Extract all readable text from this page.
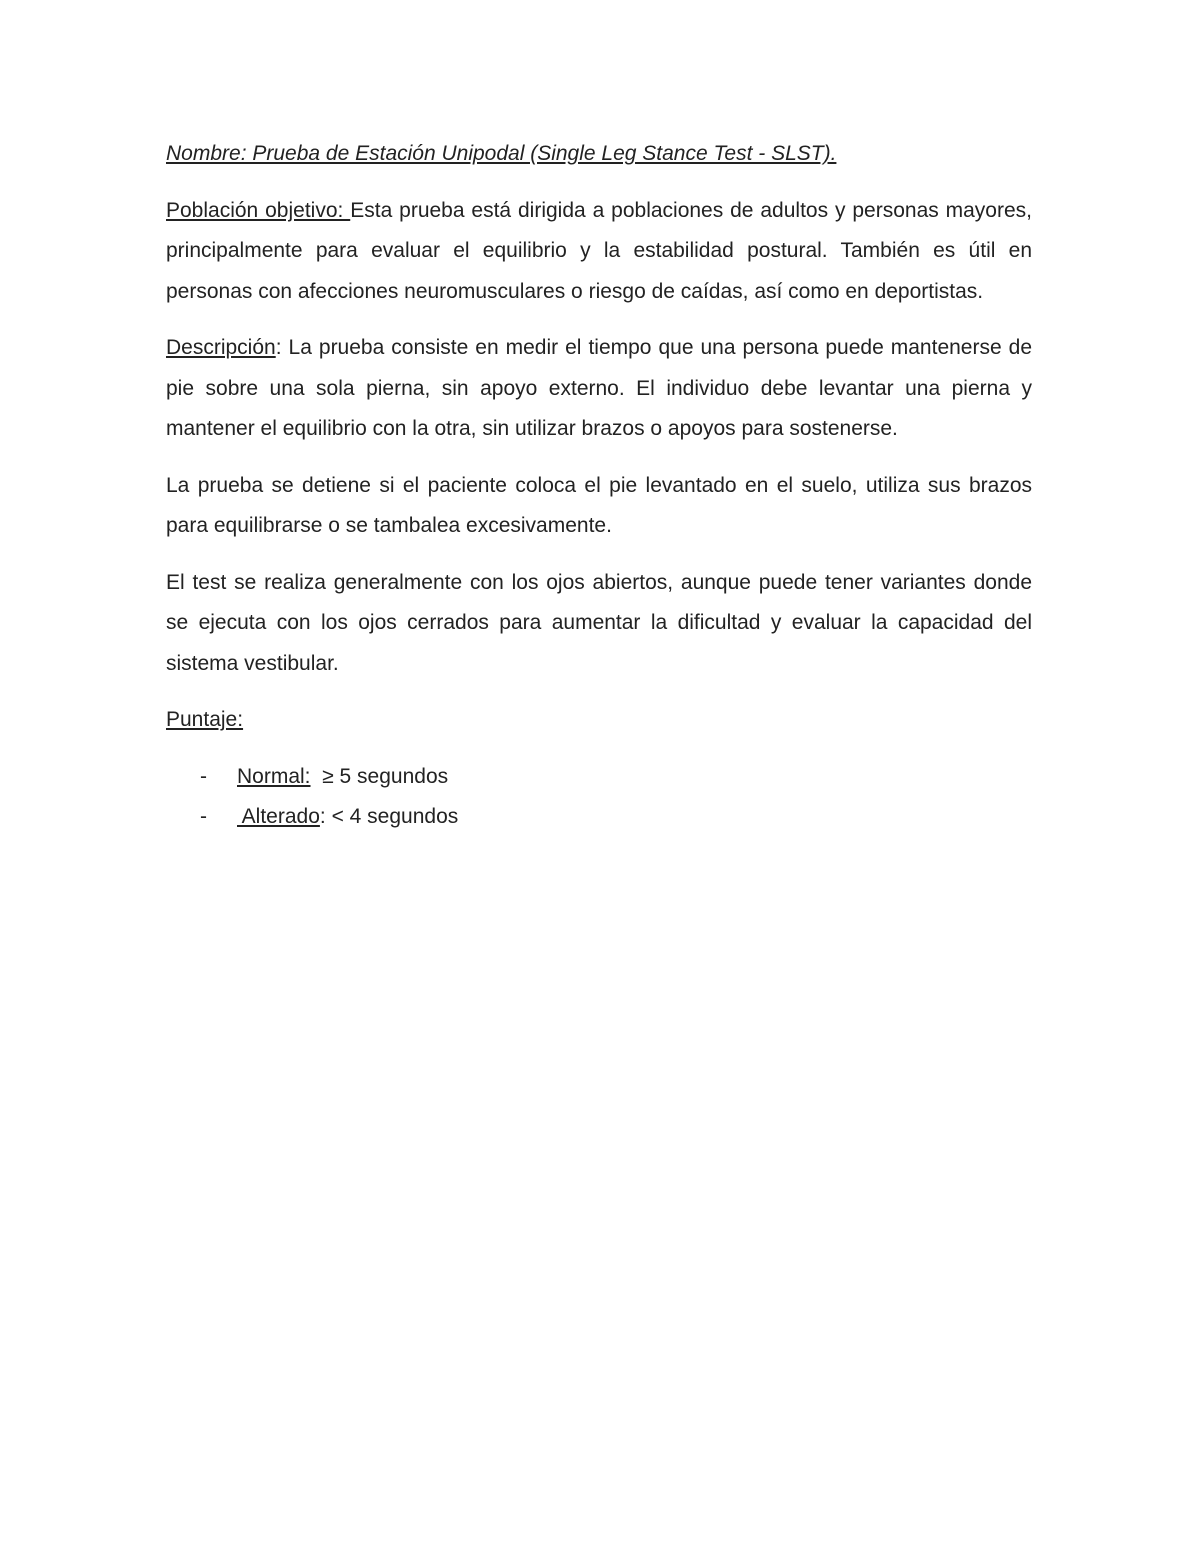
Nombre: Prueba de Estación Unipodal (Single Leg Stance Test - SLST).

Población objetivo: Esta prueba está dirigida a poblaciones de adultos y personas mayores, principalmente para evaluar el equilibrio y la estabilidad postural. También es útil en personas con afecciones neuromusculares o riesgo de caídas, así como en deportistas.

Descripción: La prueba consiste en medir el tiempo que una persona puede mantenerse de pie sobre una sola pierna, sin apoyo externo. El individuo debe levantar una pierna y mantener el equilibrio con la otra, sin utilizar brazos o apoyos para sostenerse.

La prueba se detiene si el paciente coloca el pie levantado en el suelo, utiliza sus brazos para equilibrarse o se tambalea excesivamente.

El test se realiza generalmente con los ojos abiertos, aunque puede tener variantes donde se ejecuta con los ojos cerrados para aumentar la dificultad y evaluar la capacidad del sistema vestibular.

Puntaje:

- Normal:  ≥ 5 segundos
- Alterado: < 4 segundos
